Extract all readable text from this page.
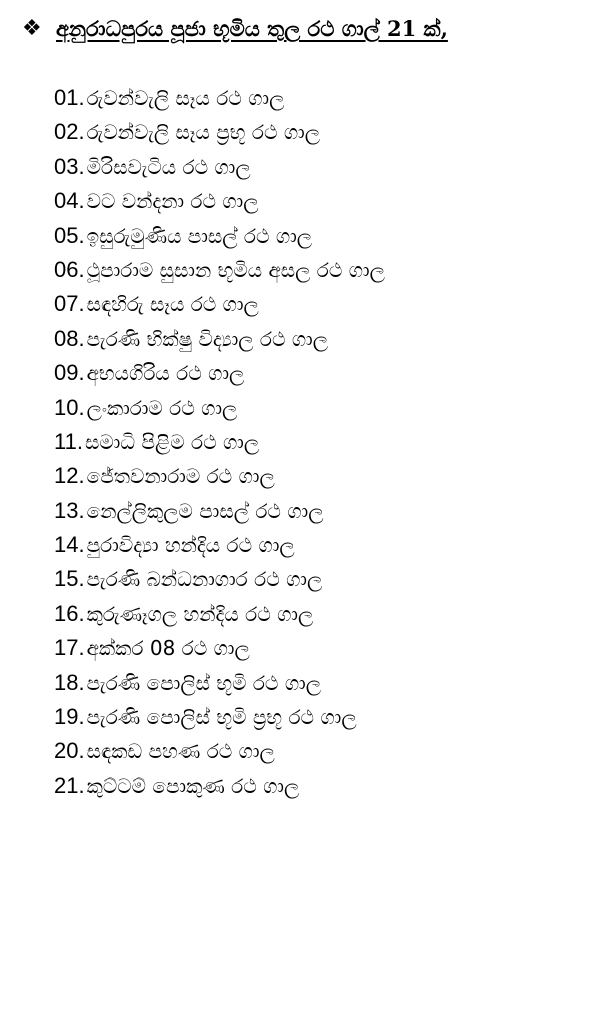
❖ අනුරාධපුරය පූජා භූමිය තුල රථ ගාල් 21 ක්,
01 . රුවන්වැලි සෑය රථ ගාල
02 . රුවන්වැලි සෑය ප්‍රභූ රථ ගාල
03 . මිරිසවැටිය රථ ගාල
04 . වට වන්දනා රථ ගාල
05 . ඉසුරුමුණිය පාසල් රථ ගාල
06 . ථූපාරාම සුසාන භූමිය අසල රථ ගාල
07 . සඳහිරු සෑය රථ ගාල
08 . පැරණි භික්ෂු විද්‍යාල රථ ගාල
09 . අභයගිරිය රථ ගාල
10 . ලංකාරාම රථ ගාල
11 . සමාධි පිළිම රථ ගාල
12 . ජේතවනාරාම රථ ගාල
13 . නෙල්ලිකුලම පාසල් රථ ගාල
14 . පුරාවිද්‍යා හන්දිය රථ ගාල
15 . පැරණි බන්ධනාගාර රථ ගාල
16 . කුරුණෑගල හන්දිය රථ ගාල
17 . අක්කර 08 රථ ගාල
18 . පැරණි පොලිස් භූමි රථ ගාල
19 . පැරණි පොලිස් භූමි ප්‍රභූ රථ ගාල
20 . සඳකඩ පහණ රථ ගාල
21 . කුට්ටම් පොකුණ රථ ගාල
